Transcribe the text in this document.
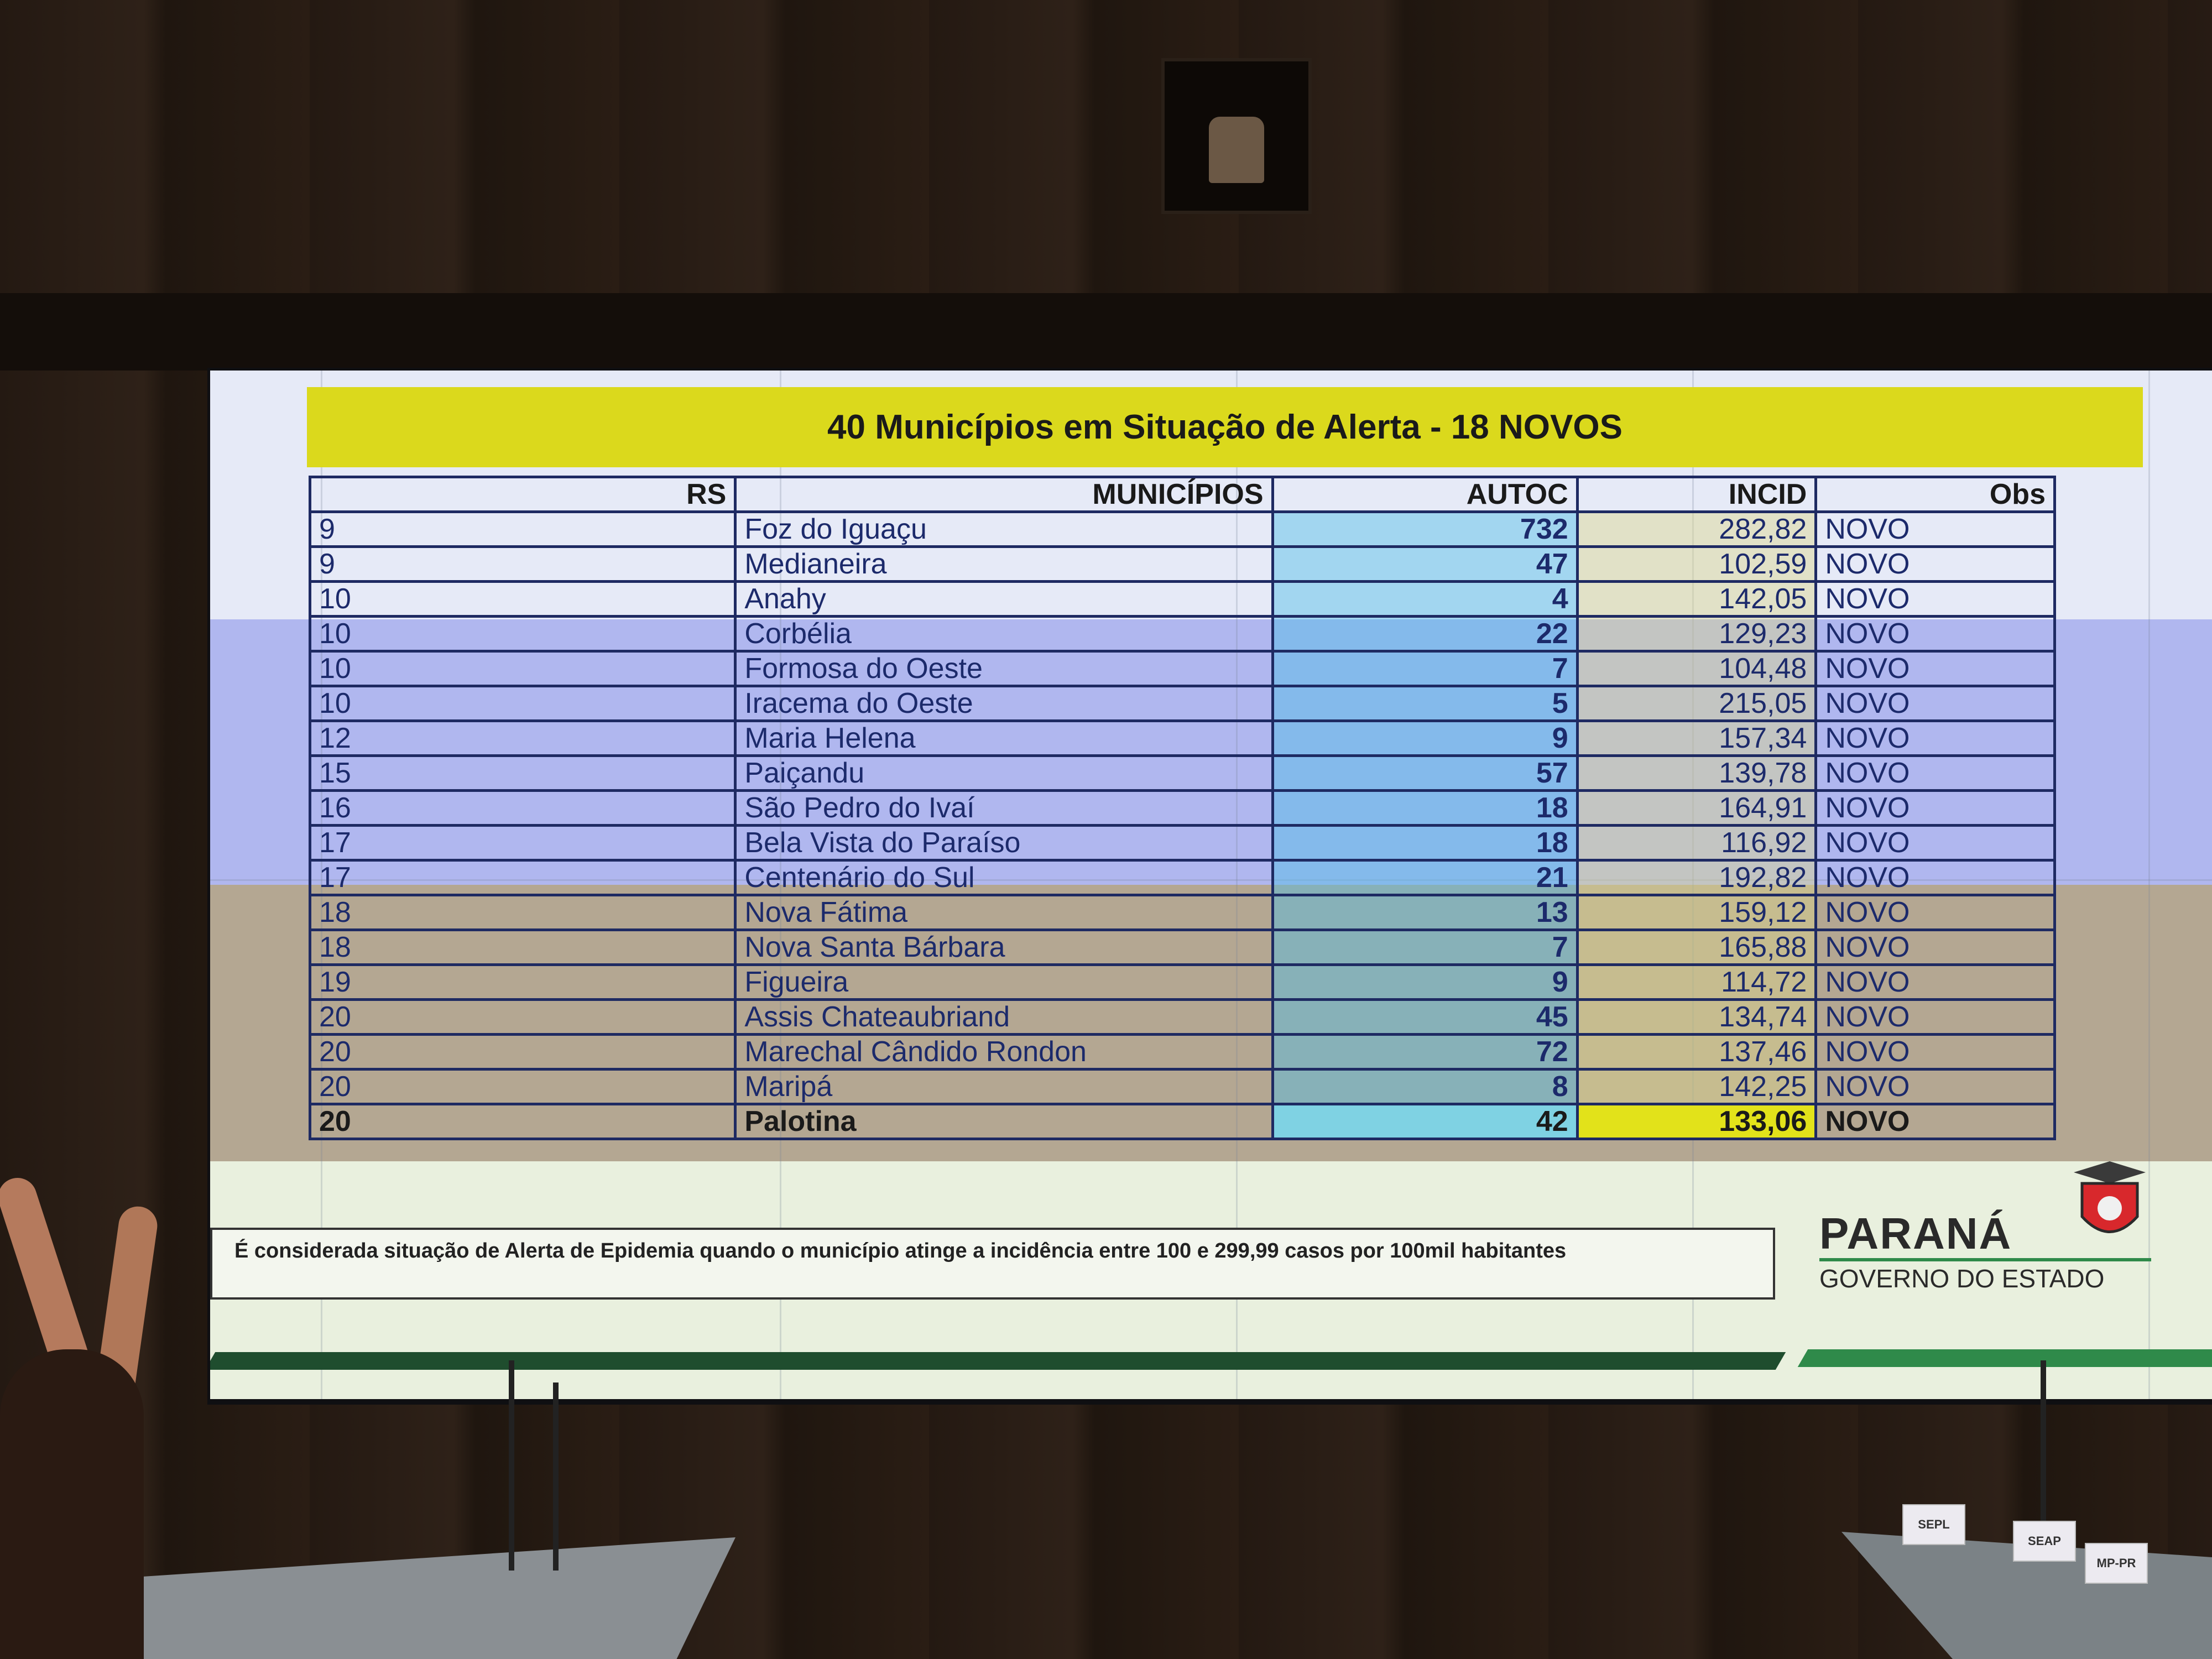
40 Municípios em Situação de Alerta - 18 NOVOS
RS	MUNICÍPIOS	AUTOC	INCID	Obs
9	Foz do Iguaçu	732	282,82	NOVO
9	Medianeira	47	102,59	NOVO
10	Anahy	4	142,05	NOVO
10	Corbélia	22	129,23	NOVO
10	Formosa do Oeste	7	104,48	NOVO
10	Iracema do Oeste	5	215,05	NOVO
12	Maria Helena	9	157,34	NOVO
15	Paiçandu	57	139,78	NOVO
16	São Pedro do Ivaí	18	164,91	NOVO
17	Bela Vista do Paraíso	18	116,92	NOVO
17	Centenário do Sul	21	192,82	NOVO
18	Nova Fátima	13	159,12	NOVO
18	Nova Santa Bárbara	7	165,88	NOVO
19	Figueira	9	114,72	NOVO
20	Assis Chateaubriand	45	134,74	NOVO
20	Marechal Cândido Rondon	72	137,46	NOVO
20	Maripá	8	142,25	NOVO
20	Palotina	42	133,06	NOVO
É considerada situação de Alerta de Epidemia quando o município atinge a incidência entre 100 e 299,99 casos por 100mil habitantes	PARANÁ
GOVERNO DO ESTADO
SEPL
SEAP
MP-PR
